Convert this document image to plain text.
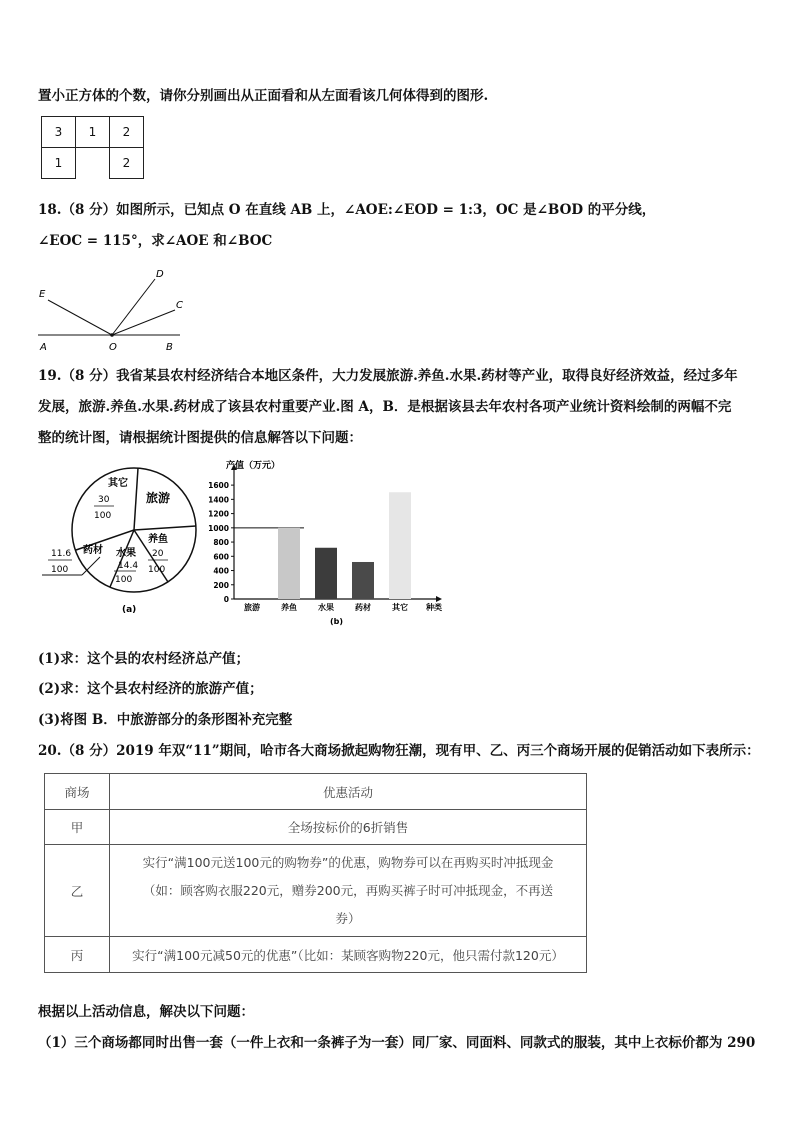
置小正方体的个数，请你分别画出从正面看和从左面看该几何体得到的图形.
3	1	2
1		2
18.（8 分）如图所示，已知点 O 在直线 AB 上，∠AOE:∠EOD = 1:3，OC 是∠BOD 的平分线，
∠EOC = 115°，求∠AOE 和∠BOC
A	O	B
E
D
C
19.（8 分）我省某县农村经济结合本地区条件，大力发展旅游.养鱼.水果.药材等产业，取得良好经济效益，经过多年
发展，旅游.养鱼.水果.药材成了该县农村重要产业.图 A，B．是根据该县去年农村各项产业统计资料绘制的两幅不完
整的统计图，请根据统计图提供的信息解答以下问题：
其它
30
100
旅游
养鱼
20
100
水果
14.4
100
药材
11.6
100
(a)
0
200
400
600
800
1000
1200
1400
1600
旅游	养鱼	水果	药材	其它
产值（万元）
种类
(b)
(1)求：这个县的农村经济总产值；
(2)求：这个县农村经济的旅游产值；
(3)将图 B．中旅游部分的条形图补充完整
20.（8 分）2019 年双“11”期间，哈市各大商场掀起购物狂潮，现有甲、乙、丙三个商场开展的促销活动如下表所示：
商场	优惠活动
甲	全场按标价的6折销售
乙	实行“满100元送100元的购物券”的优惠，购物券可以在再购买时冲抵现金
（如：顾客购衣服220元，赠券200元，再购买裤子时可冲抵现金，不再送
券）

丙	实行“满100元减50元的优惠”（比如：某顾客购物220元，他只需付款120元）
根据以上活动信息，解决以下问题：
（1）三个商场都同时出售一套（一件上衣和一条裤子为一套）同厂家、同面料、同款式的服装，其中上衣标价都为 290
